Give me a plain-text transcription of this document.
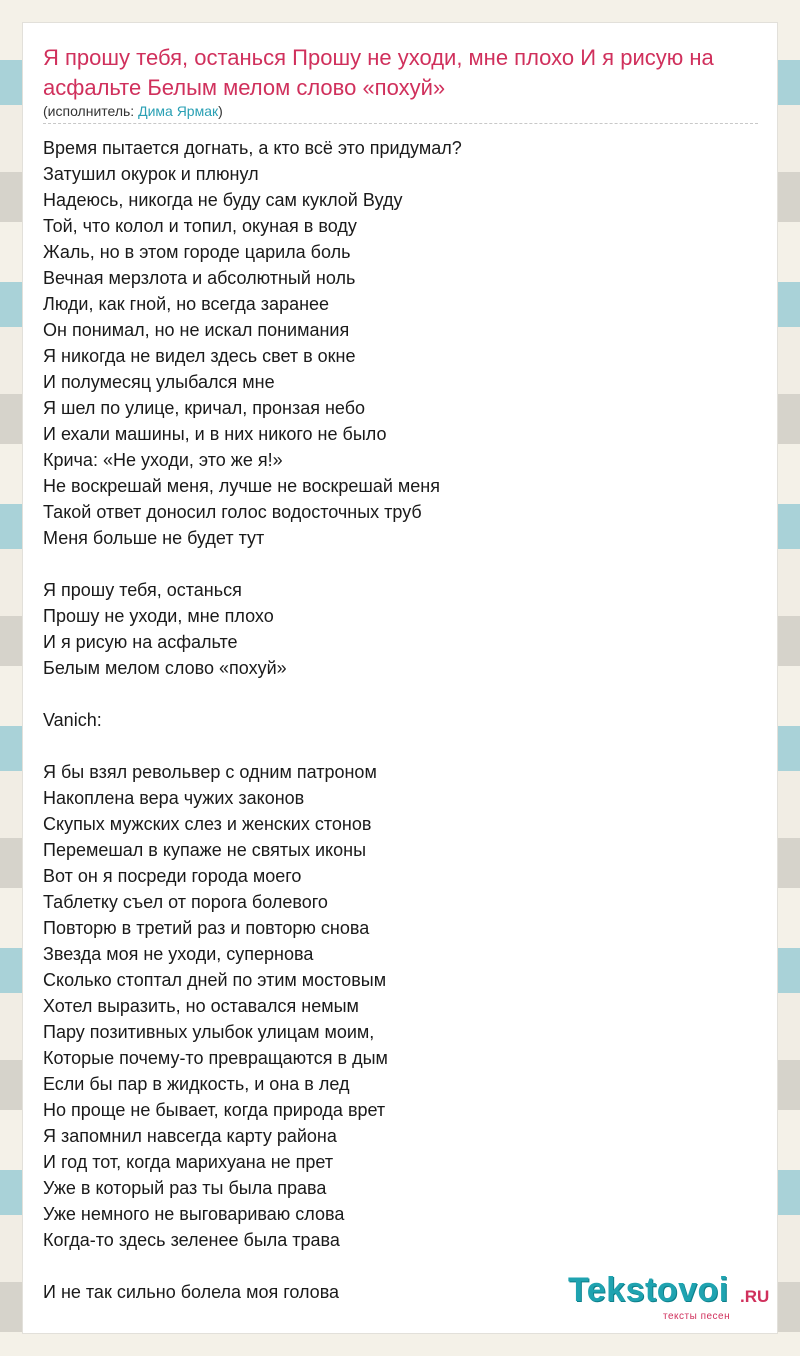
Я прошу тебя, останься Прошу не уходи, мне плохо И я рисую на асфальте Белым мелом слово «похуй»
(исполнитель: Дима Ярмак)
Время пытается догнать, а кто всё это придумал?
Затушил окурок и плюнул
Надеюсь, никогда не буду сам куклой Вуду
Той, что колол и топил, окуная в воду
Жаль, но в этом городе царила боль
Вечная мерзлота и абсолютный ноль
Люди, как гной, но всегда заранее
Он понимал, но не искал понимания
Я никогда не видел здесь свет в окне
И полумесяц улыбался мне
Я шел по улице, кричал, пронзая небо
И ехали машины, и в них никого не было
Крича: «Не уходи, это же я!»
Не воскрешай меня, лучше не воскрешай меня
Такой ответ доносил голос водосточных труб
Меня больше не будет тут
Я прошу тебя, останься
Прошу не уходи, мне плохо
И я рисую на асфальте
Белым мелом слово «похуй»
Vanich:
Я бы взял револьвер с одним патроном
Накоплена вера чужих законов
Скупых мужских слез и женских стонов
Перемешал в купаже не святых иконы
Вот он я посреди города моего
Таблетку съел от порога болевого
Повторю в третий раз и повторю снова
Звезда моя не уходи, супернова
Сколько стоптал дней по этим мостовым
Хотел выразить, но оставался немым
Пару позитивных улыбок улицам моим,
Которые почему-то превращаются в дым
Если бы пар в жидкость, и она в лед
Но проще не бывает, когда природа врет
Я запомнил навсегда карту района
И год тот, когда марихуана не прет
Уже в который раз ты была права
Уже немного не выговариваю слова
Когда-то здесь зеленее была трава
И не так сильно болела моя голова	Tekstovoi .RU
тексты песен
